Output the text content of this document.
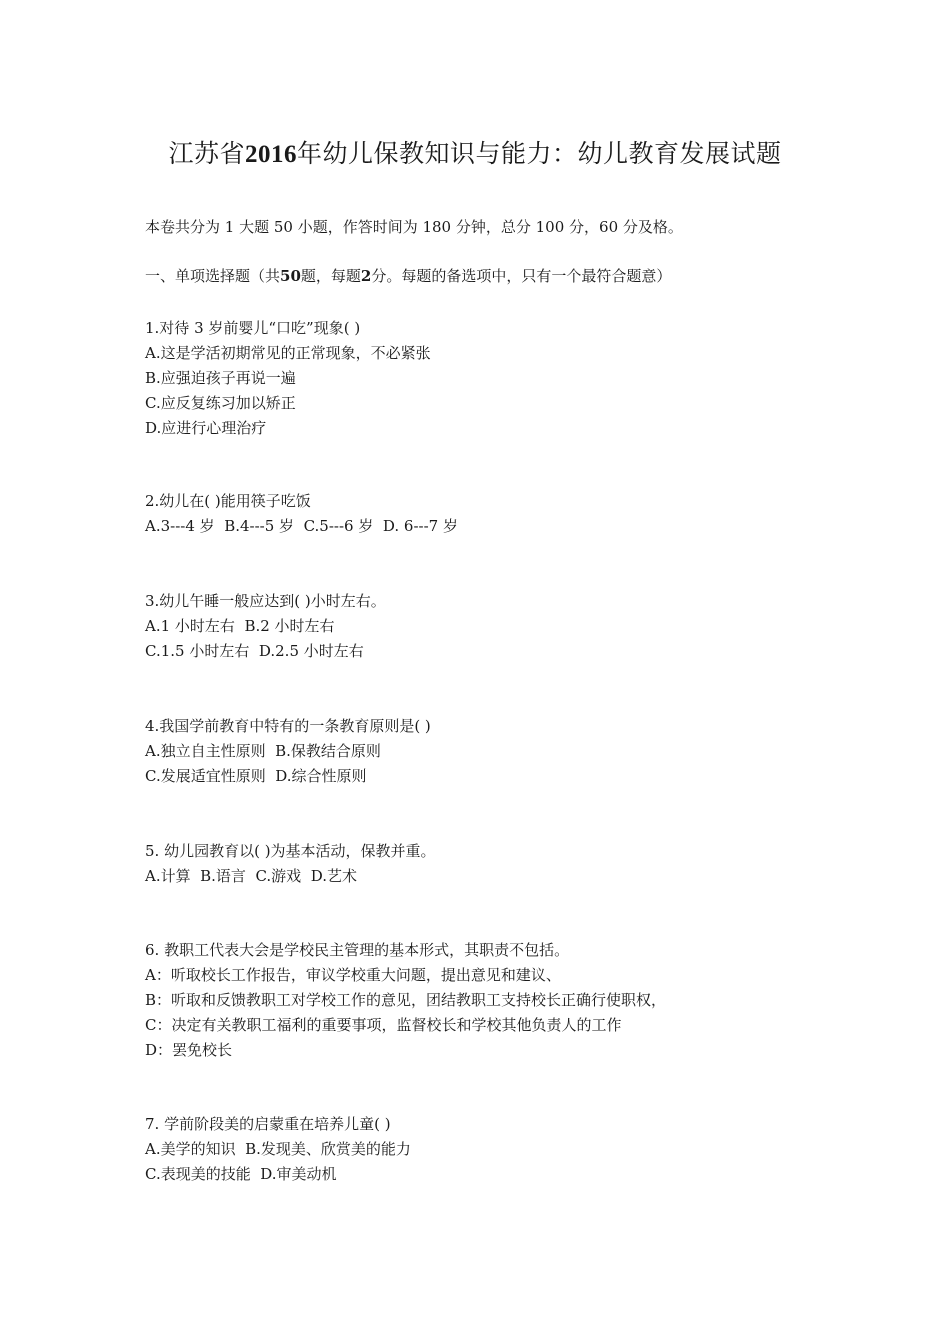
江苏省2016年幼儿保教知识与能力：幼儿教育发展试题
本卷共分为 1 大题 50 小题，作答时间为 180 分钟，总分 100 分，60 分及格。
一、单项选择题（共50题，每题2分。每题的备选项中，只有一个最符合题意）
1.对待 3 岁前婴儿“口吃”现象( )
A.这是学活初期常见的正常现象，不必紧张
B.应强迫孩子再说一遍
C.应反复练习加以矫正
D.应进行心理治疗
2.幼儿在( )能用筷子吃饭
A.3---4 岁  B.4---5 岁  C.5---6 岁  D. 6---7 岁
3.幼儿午睡一般应达到( )小时左右。
A.1 小时左右  B.2 小时左右
C.1.5 小时左右  D.2.5 小时左右
4.我国学前教育中特有的一条教育原则是( )
A.独立自主性原则  B.保教结合原则
C.发展适宜性原则  D.综合性原则
5. 幼儿园教育以( )为基本活动，保教并重。
A.计算  B.语言  C.游戏  D.艺术
6. 教职工代表大会是学校民主管理的基本形式，其职责不包括。
A：听取校长工作报告，审议学校重大问题，提出意见和建议、
B：听取和反馈教职工对学校工作的意见，团结教职工支持校长正确行使职权，
C：决定有关教职工福利的重要事项，监督校长和学校其他负责人的工作
D：罢免校长
7. 学前阶段美的启蒙重在培养儿童( )
A.美学的知识  B.发现美、欣赏美的能力
C.表现美的技能  D.审美动机
